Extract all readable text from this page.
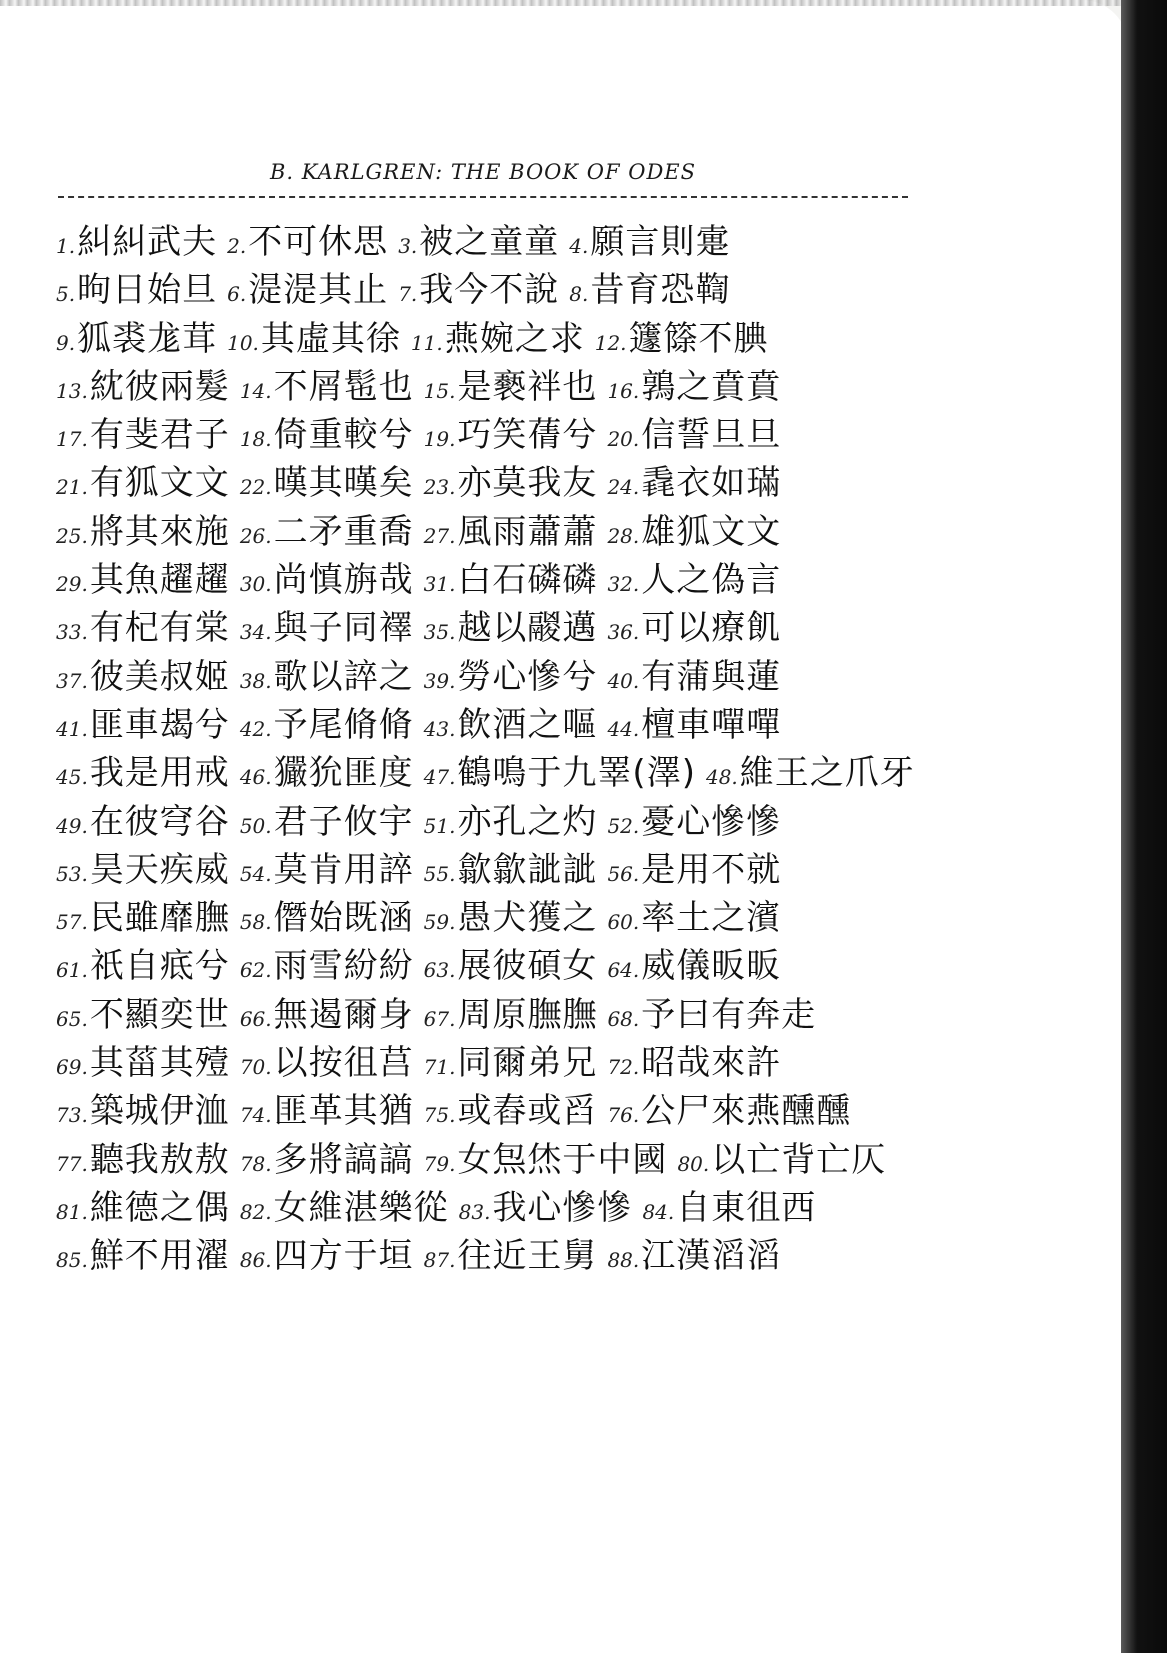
B. KARLGREN: THE BOOK OF ODES
1.糾糾武夫 2.不可休思 3.被之童童 4.願言則疐
5.昫日始旦 6.湜湜其止 7.我今不說 8.昔育恐鞫
9.狐裘尨茸 10.其虛其徐 11.燕婉之求 12.籧篨不腆
13.紞彼兩髮 14.不屑髢也 15.是褻袢也 16.鶉之賁賁
17.有斐君子 18.倚重較兮 19.巧笑蒨兮 20.信誓旦旦
21.有狐文文 22.暵其暵矣 23.亦莫我友 24.毳衣如璊
25.將其來施 26.二矛重喬 27.風雨蕭蕭 28.雄狐文文
29.其魚趯趯 30.尚慎旃哉 31.白石磷磷 32.人之偽言
33.有杞有棠 34.與子同襗 35.越以鬷邁 36.可以療飢
37.彼美叔姬 38.歌以誶之 39.勞心慘兮 40.有蒲與蓮
41.匪車朅兮 42.予尾脩脩 43.飲酒之嘔 44.檀車嘽嘽
45.我是用戒 46.玁狁匪度 47.鶴鳴于九睪(澤) 48.維王之爪牙
49.在彼穹谷 50.君子攸宇 51.亦孔之灼 52.憂心慘慘
53.昊天疾威 54.莫肯用誶 55.歙歙訿訿 56.是用不就
57.民雖靡膴 58.僭始既涵 59.愚犬獲之 60.率土之濱
61.祇自疷兮 62.雨雪紛紛 63.展彼碩女 64.威儀昄昄
65.不顯奕世 66.無遏爾身 67.周原膴膴 68.予曰有奔走
69.其菑其殪 70.以按徂莒 71.同爾弟兄 72.昭哉來許
73.築城伊洫 74.匪革其猶 75.或舂或舀 76.公尸來燕醺醺
77.聽我敖敖 78.多將謞謞 79.女炰烋于中國 80.以亡背亡仄
81.維德之偶 82.女維湛樂從 83.我心慘慘 84.自東徂西
85.鮮不用濯 86.四方于垣 87.往近王舅 88.江漢滔滔
